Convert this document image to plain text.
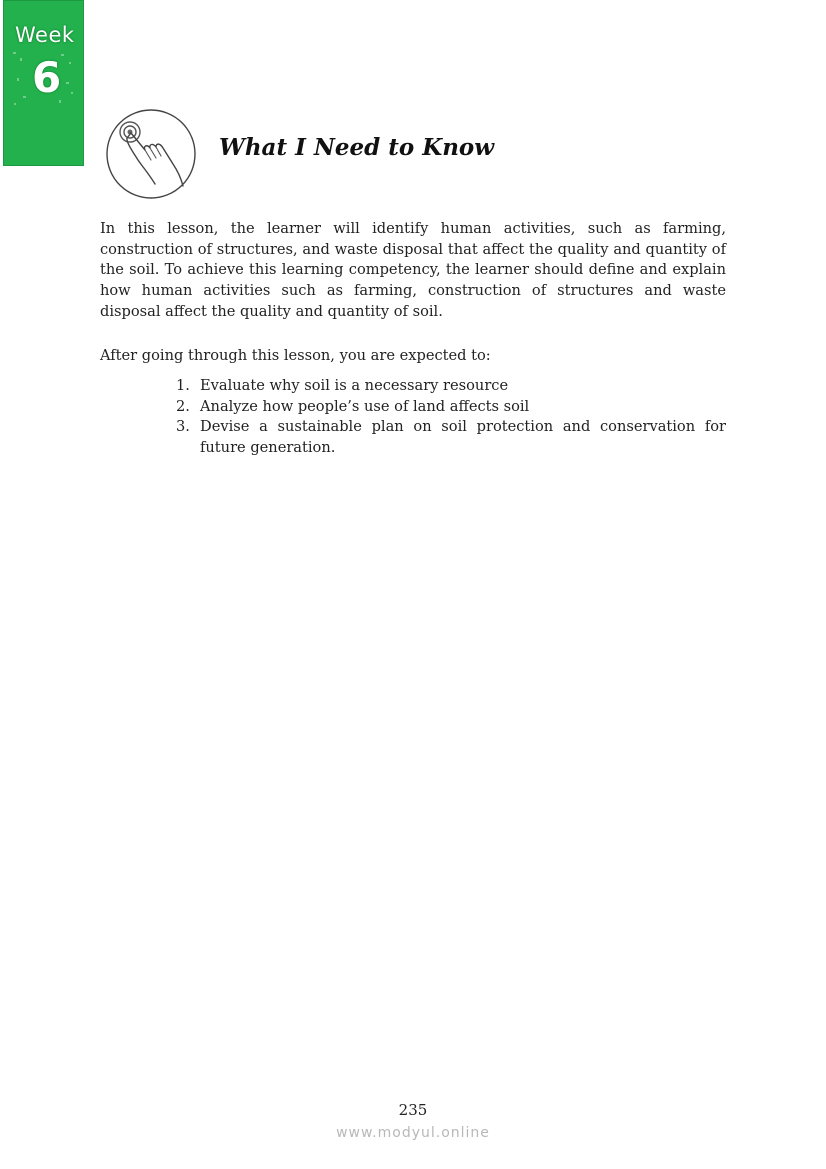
Week
6
What I Need to Know

In this lesson, the learner will identify human activities, such as farming, construction of structures, and waste disposal that affect the quality and quantity of the soil. To achieve this learning competency, the learner should define and explain how human activities such as farming, construction of structures and waste disposal affect the quality and quantity of soil.

After going through this lesson, you are expected to:

1. Evaluate why soil is a necessary resource
2. Analyze how people’s use of land affects soil
3. Devise a sustainable plan on soil protection and conservation for future generation.
235
www.modyul.online
